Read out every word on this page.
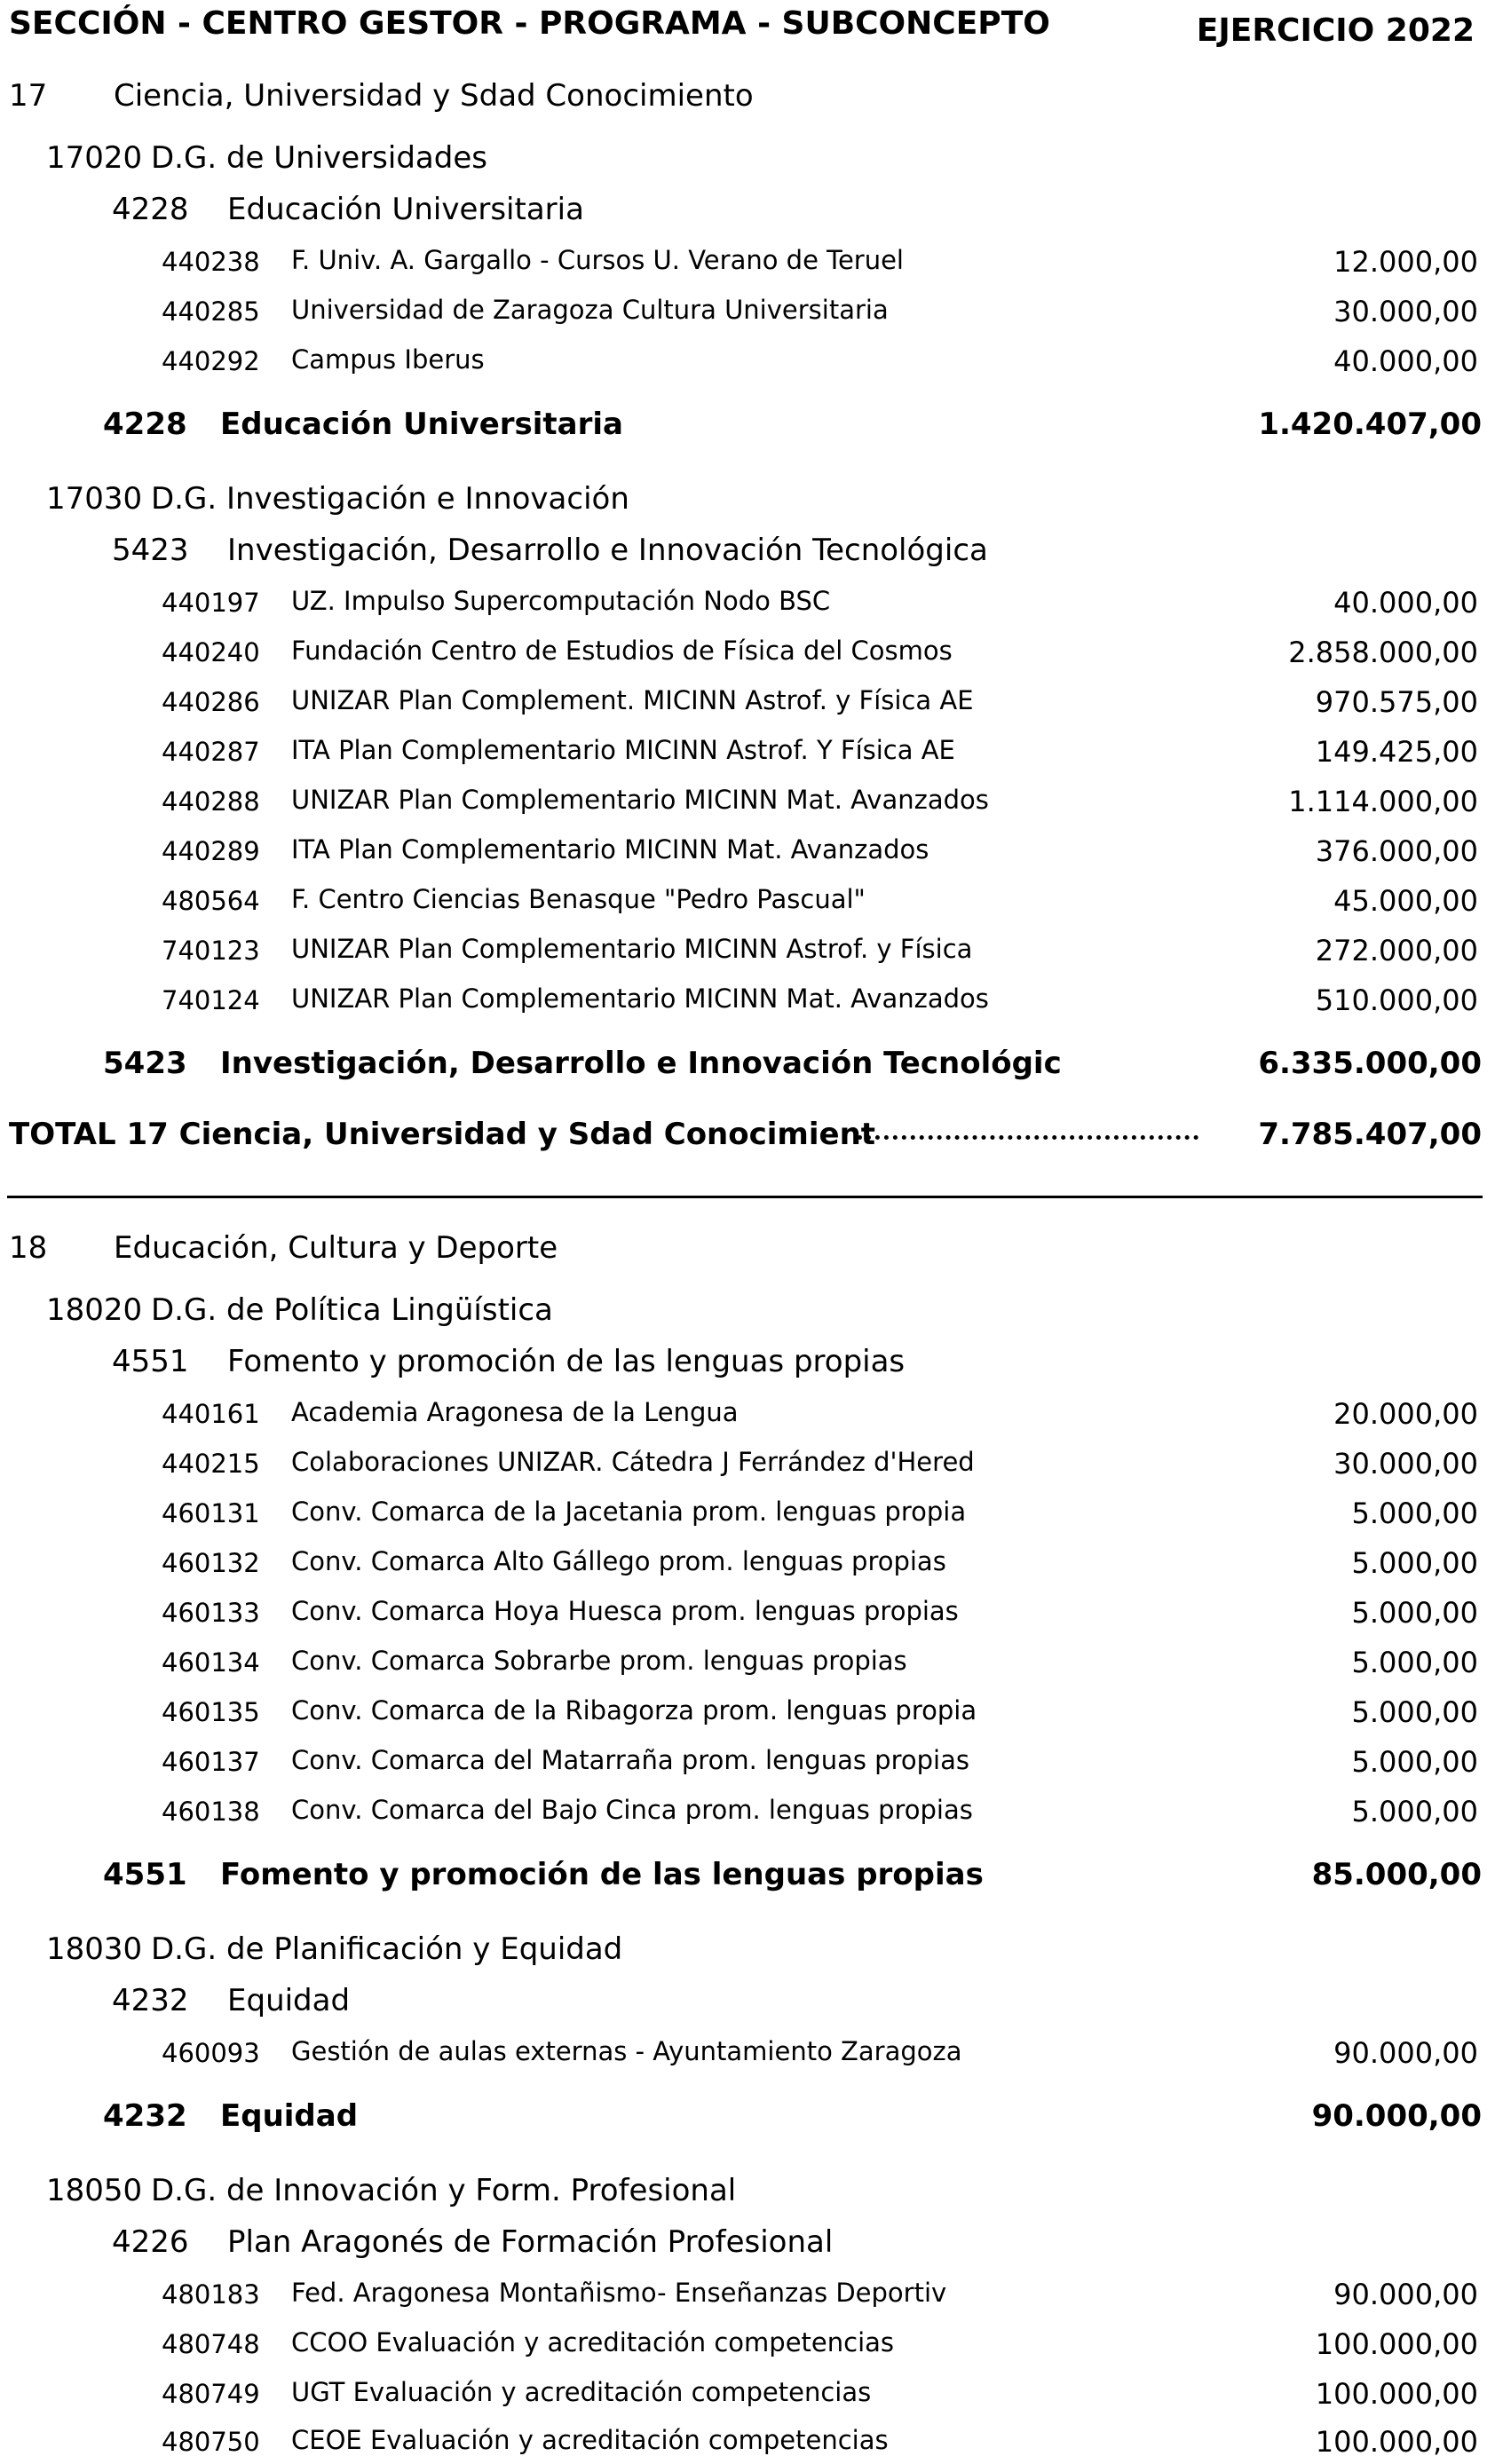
SECCIÓN - CENTRO GESTOR - PROGRAMA - SUBCONCEPTO	EJERCICIO 2022
17 Ciencia, Universidad y Sdad Conocimiento
17020 D.G. de Universidades
4228 Educación Universitaria
440238 F. Univ. A. Gargallo - Cursos U. Verano de Teruel	12.000,00
440285 Universidad de Zaragoza Cultura Universitaria	30.000,00
440292 Campus Iberus	40.000,00
4228 Educación Universitaria	1.420.407,00
17030 D.G. Investigación e Innovación
5423 Investigación, Desarrollo e Innovación Tecnológica
440197 UZ. Impulso Supercomputación Nodo BSC	40.000,00
440240 Fundación Centro de Estudios de Física del Cosmos	2.858.000,00
440286 UNIZAR Plan Complement. MICINN Astrof. y Física AE	970.575,00
440287 ITA Plan Complementario MICINN Astrof. Y Física AE	149.425,00
440288 UNIZAR Plan Complementario MICINN Mat. Avanzados	1.114.000,00
440289 ITA Plan Complementario MICINN Mat. Avanzados	376.000,00
480564 F. Centro Ciencias Benasque "Pedro Pascual"	45.000,00
740123 UNIZAR Plan Complementario MICINN Astrof. y Física	272.000,00
740124 UNIZAR Plan Complementario MICINN Mat. Avanzados	510.000,00
5423 Investigación, Desarrollo e Innovación Tecnológic	6.335.000,00
TOTAL 17 Ciencia, Universidad y Sdad Conocimient	7.785.407,00
18 Educación, Cultura y Deporte
18020 D.G. de Política Lingüística
4551 Fomento y promoción de las lenguas propias
440161 Academia Aragonesa de la Lengua	20.000,00
440215 Colaboraciones UNIZAR. Cátedra J Ferrández d'Hered	30.000,00
460131 Conv. Comarca de la Jacetania prom. lenguas propia	5.000,00
460132 Conv. Comarca Alto Gállego prom. lenguas propias	5.000,00
460133 Conv. Comarca Hoya Huesca prom. lenguas propias	5.000,00
460134 Conv. Comarca Sobrarbe prom. lenguas propias	5.000,00
460135 Conv. Comarca de la Ribagorza prom. lenguas propia	5.000,00
460137 Conv. Comarca del Matarraña prom. lenguas propias	5.000,00
460138 Conv. Comarca del Bajo Cinca prom. lenguas propias	5.000,00
4551 Fomento y promoción de las lenguas propias	85.000,00
18030 D.G. de Planificación y Equidad
4232 Equidad
460093 Gestión de aulas externas - Ayuntamiento Zaragoza	90.000,00
4232 Equidad	90.000,00
18050 D.G. de Innovación y Form. Profesional
4226 Plan Aragonés de Formación Profesional
480183 Fed. Aragonesa Montañismo- Enseñanzas Deportiv	90.000,00
480748 CCOO Evaluación y acreditación competencias	100.000,00
480749 UGT Evaluación y acreditación competencias	100.000,00
480750 CEOE Evaluación y acreditación competencias	100.000,00
